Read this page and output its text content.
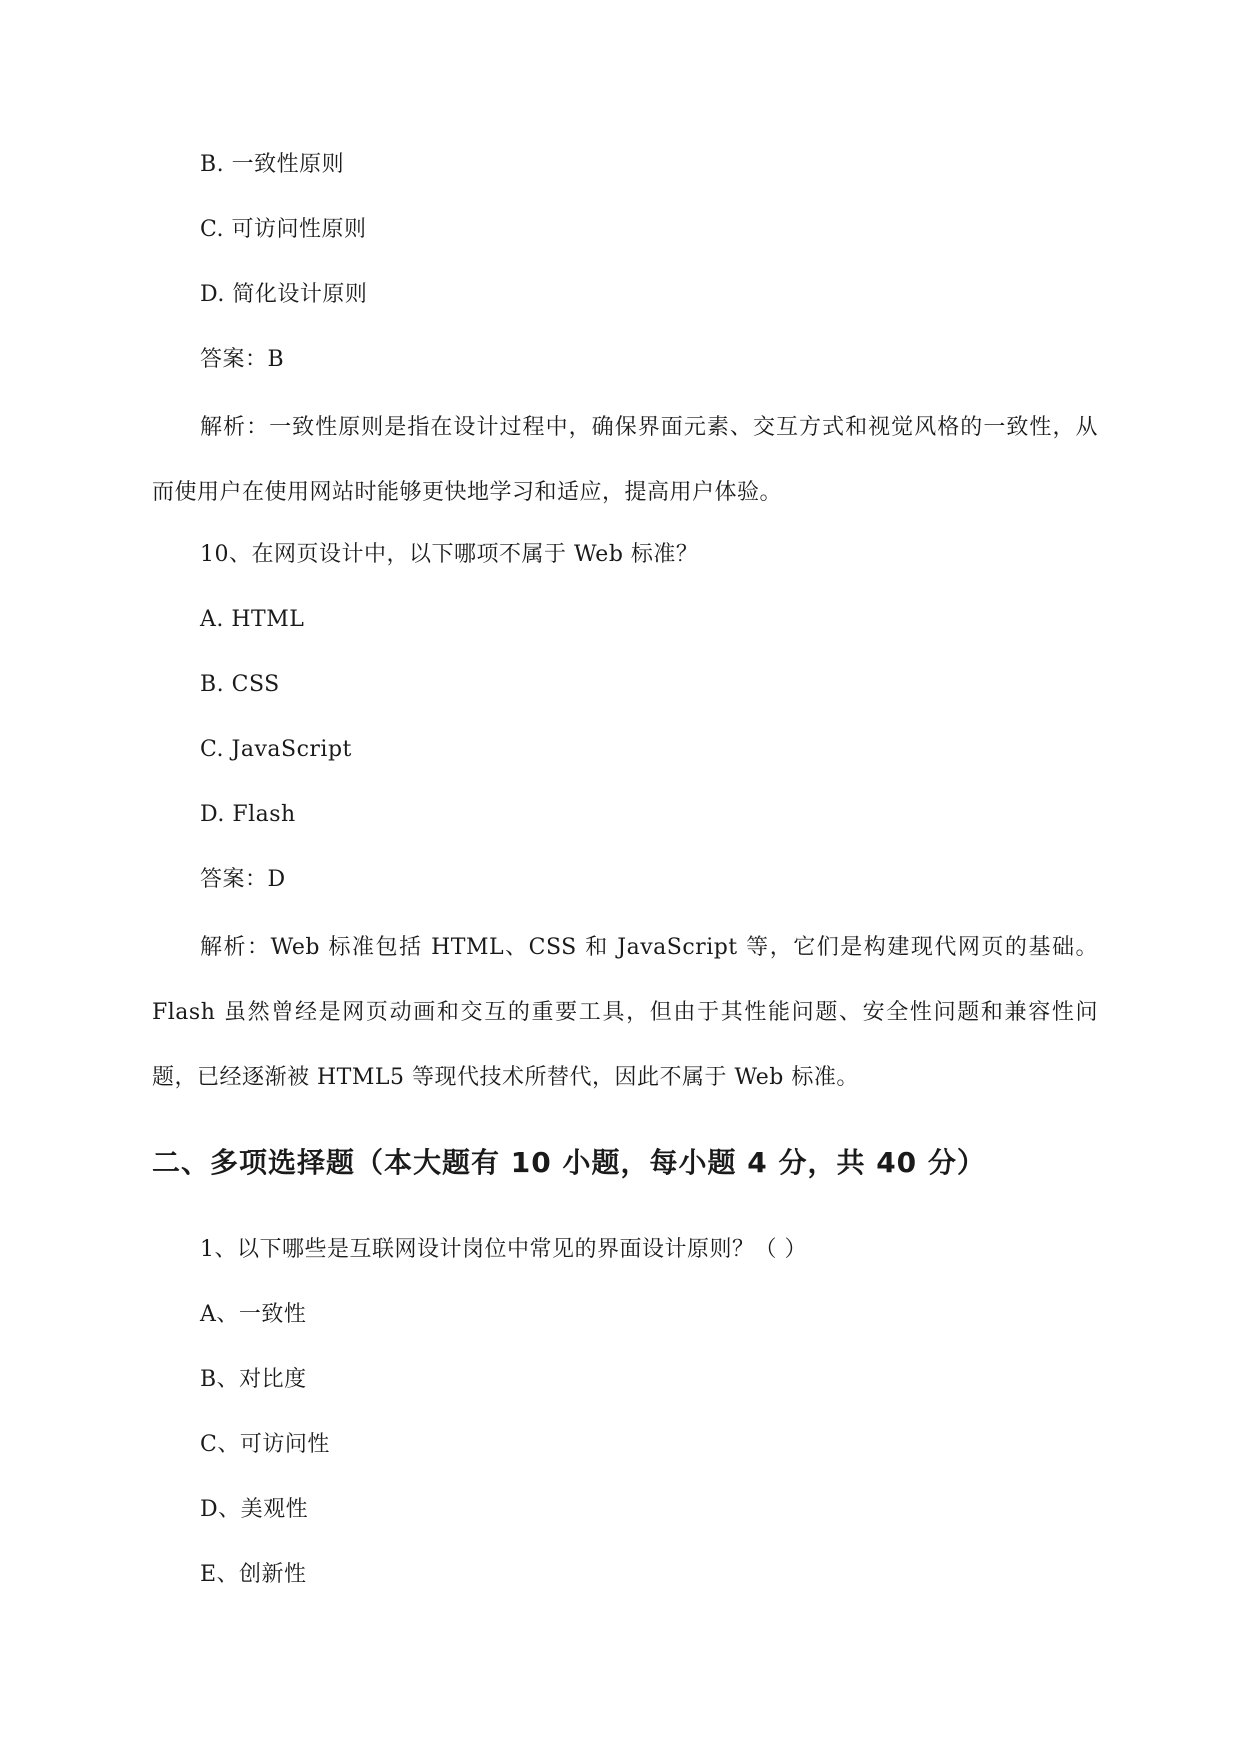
B. 一致性原则
C. 可访问性原则
D. 简化设计原则
答案：B
解析：一致性原则是指在设计过程中，确保界面元素、交互方式和视觉风格的一致性，从而使用户在使用网站时能够更快地学习和适应，提高用户体验。
10、在网页设计中，以下哪项不属于 Web 标准？
A. HTML
B. CSS
C. JavaScript
D. Flash
答案：D
解析：Web 标准包括 HTML、CSS 和 JavaScript 等，它们是构建现代网页的基础。Flash 虽然曾经是网页动画和交互的重要工具，但由于其性能问题、安全性问题和兼容性问题，已经逐渐被 HTML5 等现代技术所替代，因此不属于 Web 标准。
二、多项选择题（本大题有 10 小题，每小题 4 分，共 40 分）
1、以下哪些是互联网设计岗位中常见的界面设计原则？（ ）
A、一致性
B、对比度
C、可访问性
D、美观性
E、创新性
